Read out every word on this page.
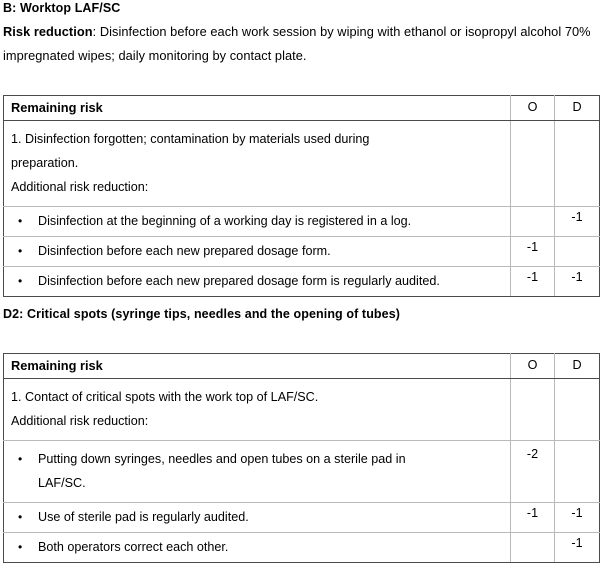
B: Worktop LAF/SC
Risk reduction: Disinfection before each work session by wiping with ethanol or isopropyl alcohol 70% impregnated wipes; daily monitoring by contact plate.
Remaining risk	O	D

1. Disinfection forgotten; contamination by materials used during
preparation.
Additional risk reduction:		

• Disinfection at the beginning of a working day is registered in a log.		-1

• Disinfection before each new prepared dosage form.	-1	

• Disinfection before each new prepared dosage form is regularly audited.	-1	-1
D2: Critical spots (syringe tips, needles and the opening of tubes)
Remaining risk	O	D

1. Contact of critical spots with the work top of LAF/SC.
Additional risk reduction:		

• Putting down syringes, needles and open tubes on a sterile pad in
LAF/SC.	-2	

• Use of sterile pad is regularly audited.	-1	-1

• Both operators correct each other.		-1
